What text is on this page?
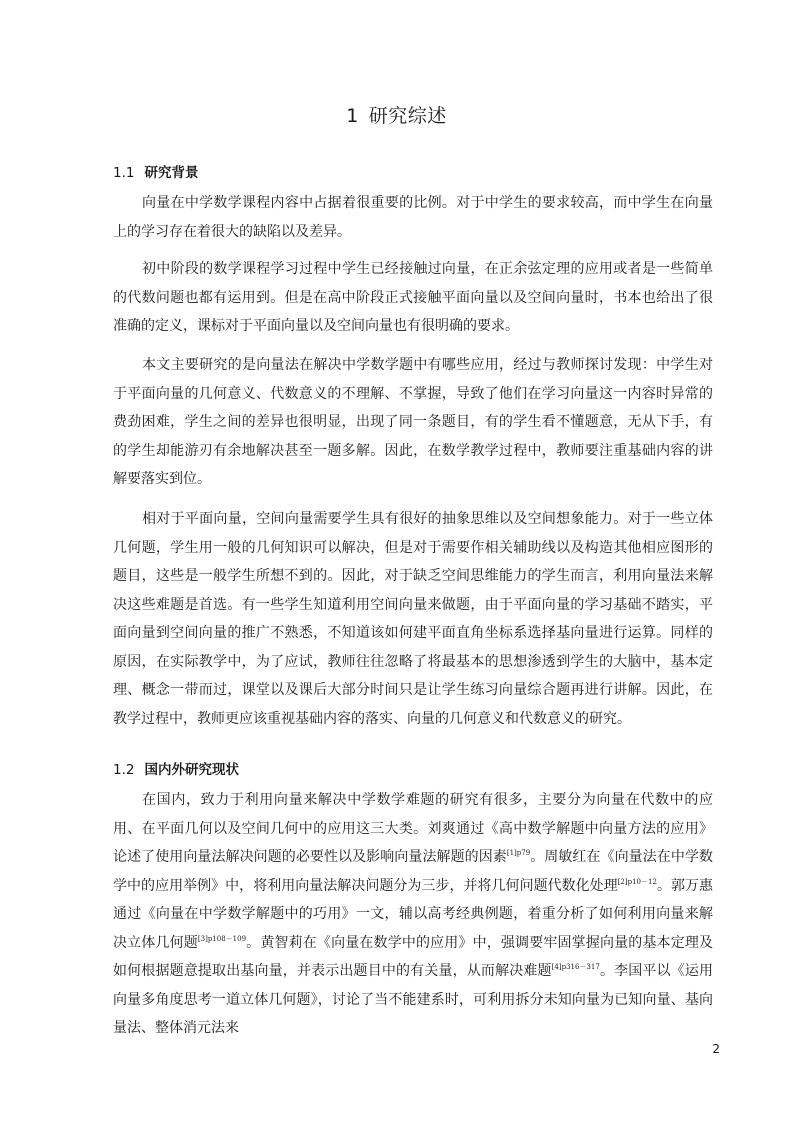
1 研究综述
1.1 研究背景

向量在中学数学课程内容中占据着很重要的比例。对于中学生的要求较高，而中学生在向量上的学习存在着很大的缺陷以及差异。

初中阶段的数学课程学习过程中学生已经接触过向量，在正余弦定理的应用或者是一些简单的代数问题也都有运用到。但是在高中阶段正式接触平面向量以及空间向量时，书本也给出了很准确的定义，课标对于平面向量以及空间向量也有很明确的要求。

本文主要研究的是向量法在解决中学数学题中有哪些应用，经过与教师探讨发现：中学生对于平面向量的几何意义、代数意义的不理解、不掌握，导致了他们在学习向量这一内容时异常的费劲困难，学生之间的差异也很明显，出现了同一条题目，有的学生看不懂题意，无从下手，有的学生却能游刃有余地解决甚至一题多解。因此，在数学教学过程中，教师要注重基础内容的讲解要落实到位。

相对于平面向量，空间向量需要学生具有很好的抽象思维以及空间想象能力。对于一些立体几何题，学生用一般的几何知识可以解决，但是对于需要作相关辅助线以及构造其他相应图形的题目，这些是一般学生所想不到的。因此，对于缺乏空间思维能力的学生而言，利用向量法来解决这些难题是首选。有一些学生知道利用空间向量来做题，由于平面向量的学习基础不踏实，平面向量到空间向量的推广不熟悉，不知道该如何建平面直角坐标系选择基向量进行运算。同样的原因，在实际教学中，为了应试，教师往往忽略了将最基本的思想渗透到学生的大脑中，基本定理、概念一带而过，课堂以及课后大部分时间只是让学生练习向量综合题再进行讲解。因此，在教学过程中，教师更应该重视基础内容的落实、向量的几何意义和代数意义的研究。

1.2 国内外研究现状

在国内，致力于利用向量来解决中学数学难题的研究有很多，主要分为向量在代数中的应用、在平面几何以及空间几何中的应用这三大类。刘爽通过《高中数学解题中向量方法的应用》论述了使用向量法解决问题的必要性以及影响向量法解题的因素$^{[1]p79}$。周敏红在《向量法在中学数学中的应用举例》中，将利用向量法解决问题分为三步，并将几何问题代数化处理$^{[2]p10-12}$。郭万惠通过《向量在中学数学解题中的巧用》一文，辅以高考经典例题，着重分析了如何利用向量来解决立体几何题$^{[3]p108-109}$。黄智莉在《向量在数学中的应用》中，强调要牢固掌握向量的基本定理及如何根据题意提取出基向量，并表示出题目中的有关量，从而解决难题$^{[4]p316-317}$。李国平以《运用向量多角度思考一道立体几何题》，讨论了当不能建系时，可利用拆分未知向量为已知向量、基向量法、整体消元法来

2
